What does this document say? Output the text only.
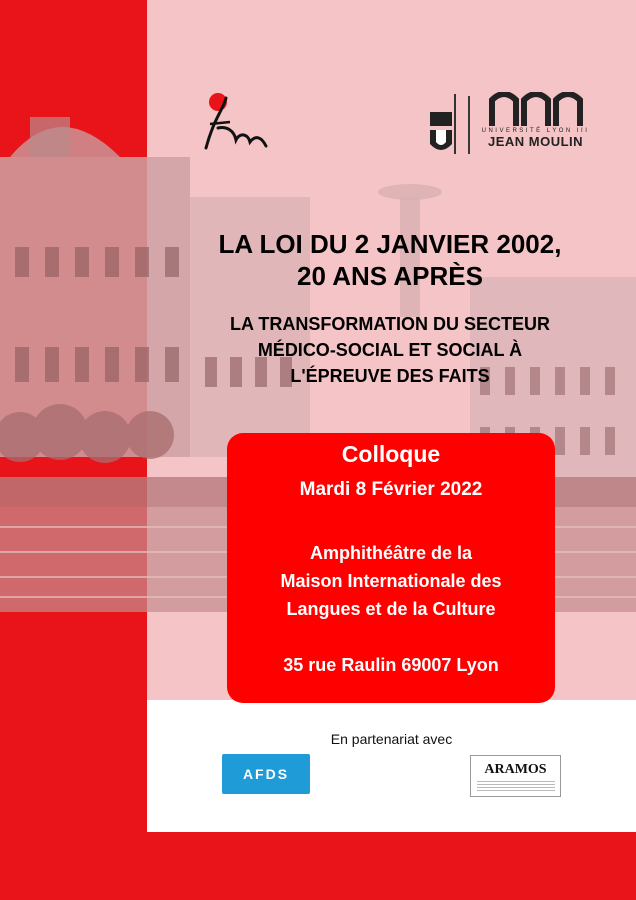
UNIVERSITÉ LYON III
JEAN MOULIN
LA LOI DU 2 JANVIER 2002,
20 ANS APRÈS
LA TRANSFORMATION DU SECTEUR
MÉDICO-SOCIAL ET SOCIAL À
L'ÉPREUVE DES FAITS
Colloque
Mardi 8 Février 2022
Amphithéâtre de la
Maison Internationale des
Langues et de la Culture
35 rue Raulin 69007 Lyon
En partenariat avec
AFDS	ARAMOS
